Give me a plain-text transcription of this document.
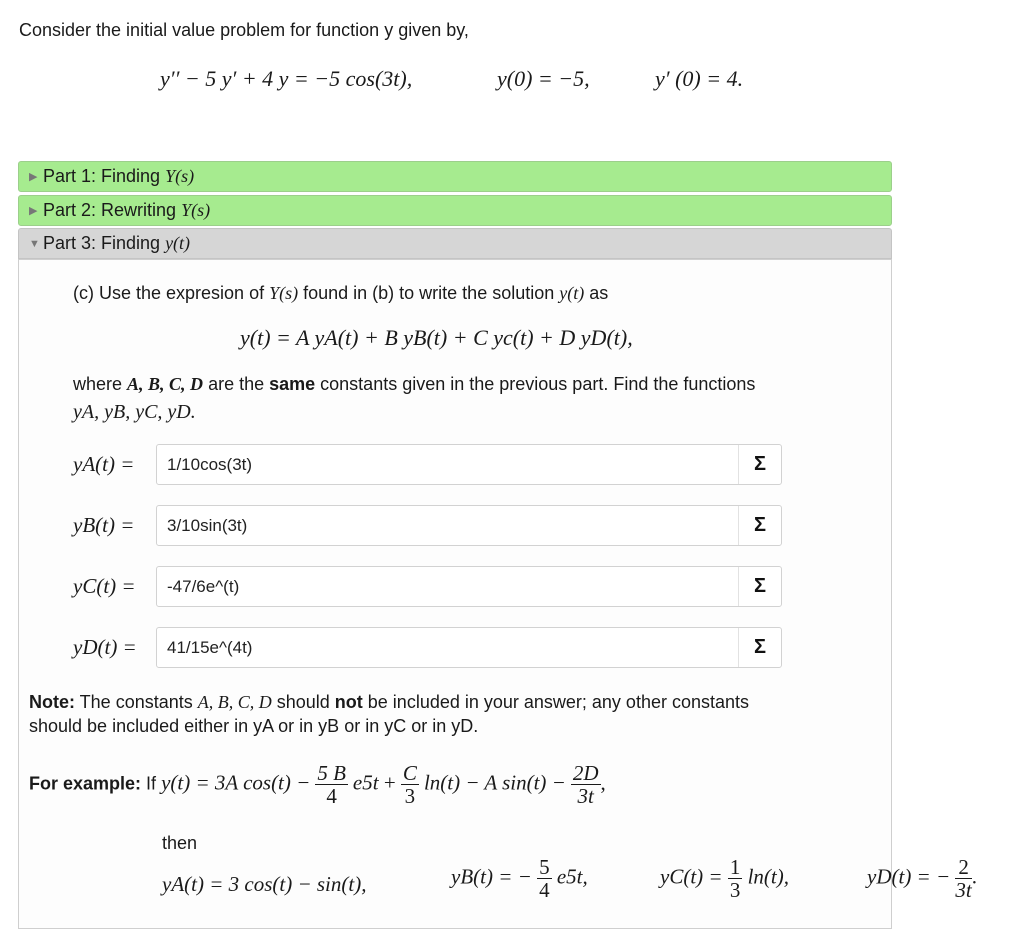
Consider the initial value problem for function y given by,
y′′ − 5 y′ + 4 y = −5 cos(3t),	y(0) = −5,	y′ (0) = 4.
▶ Part 1: Finding Y(s)
▶ Part 2: Rewriting Y(s)
▼ Part 3: Finding y(t)
(c) Use the expresion of Y(s) found in (b) to write the solution y(t) as
y(t) = A yA(t) + B yB(t) + C yc(t) + D yD(t),
where A, B, C, D are the same constants given in the previous part. Find the functions
yA, yB, yC, yD.
yA(t) =
1/10cos(3t)	Σ
yB(t) =
3/10sin(3t)	Σ
yC(t) =
-47/6e^(t)	Σ
yD(t) =
41/15e^(4t)	Σ
Note: The constants A, B, C, D should not be included in your answer; any other constants
should be included either in yA or in yB or in yC or in yD.
For example: If y(t) = 3A $\cos(t) - \frac{5 B}{4} e5t + \frac{C}{3} \ln(t) - A$ $\sin(t) - \frac{2D}{3t}$ ,
then
yA(t) = 3 cos(t) − sin(t),	yB(t) = − $\frac{5}{4} e5t$,	$yC(t) = \frac{1}{3} \ln(t)$,	yD(t) = − $\frac{2}{3t}$ .
